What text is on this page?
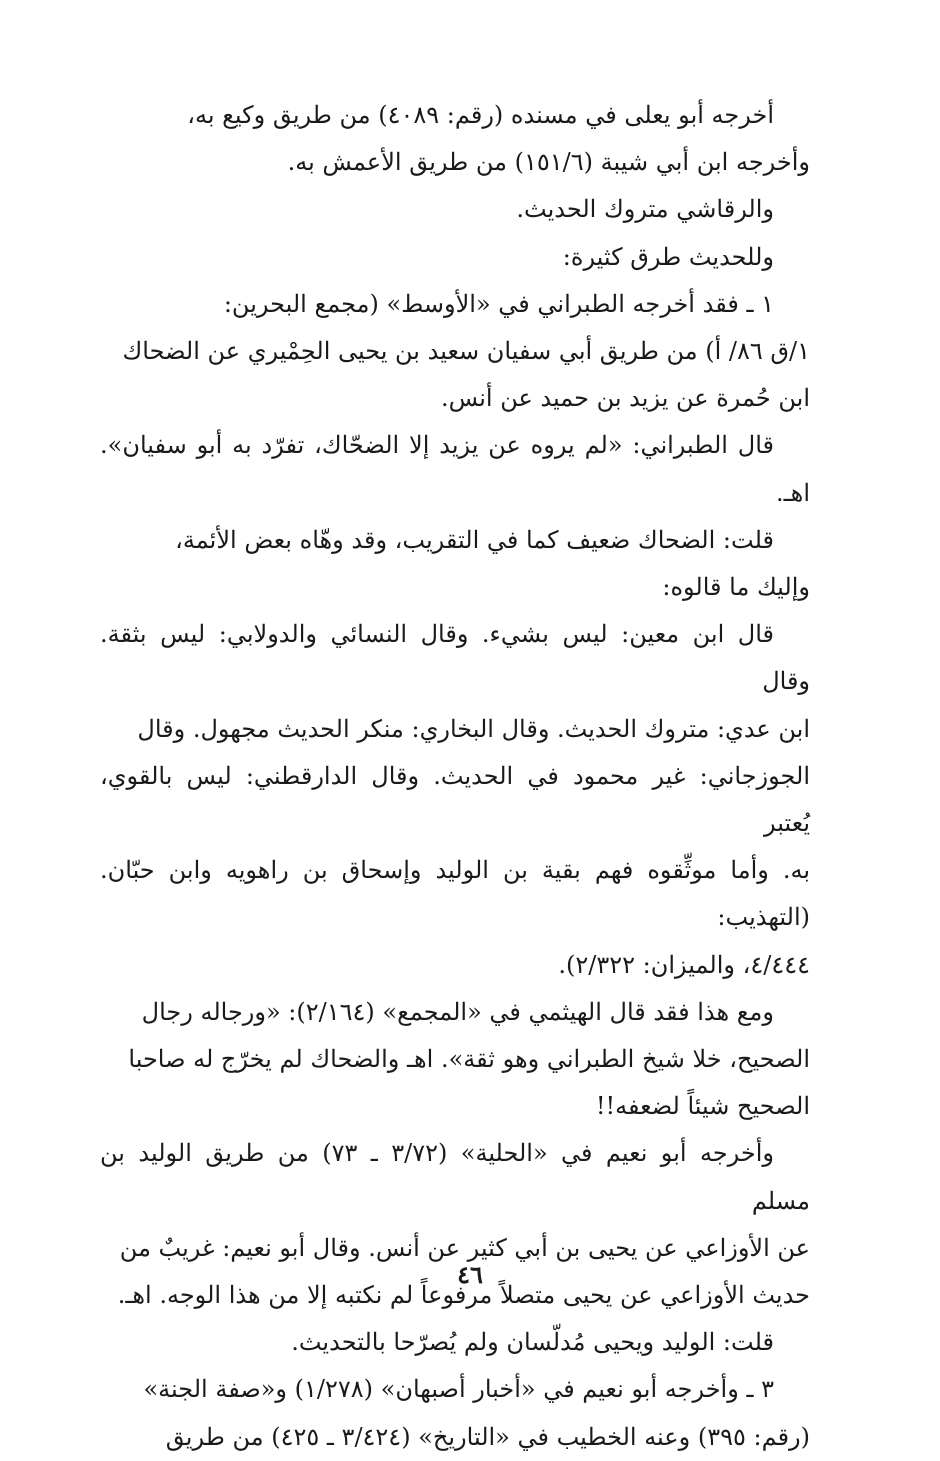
أخرجه أبو يعلى في مسنده (رقم: ٤٠٨٩) من طريق وكيع به،
وأخرجه ابن أبي شيبة (١٥١/٦) من طريق الأعمش به.

والرقاشي متروك الحديث.

وللحديث طرق كثيرة:

١ ـ فقد أخرجه الطبراني في «الأوسط» (مجمع البحرين:

١/ق ٨٦/ أ) من طريق أبي سفيان سعيد بن يحيى الحِمْيري عن الضحاك
ابن حُمرة عن يزيد بن حميد عن أنس.

قال الطبراني: «لم يروه عن يزيد إلا الضحّاك، تفرّد به أبو سفيان». اهـ.

قلت: الضحاك ضعيف كما في التقريب، وقد وهّاه بعض الأئمة،

وإليك ما قالوه:

قال ابن معين: ليس بشيء. وقال النسائي والدولابي: ليس بثقة. وقال

ابن عدي: متروك الحديث. وقال البخاري: منكر الحديث مجهول. وقال
الجوزجاني: غير محمود في الحديث. وقال الدارقطني: ليس بالقوي، يُعتبر
به. وأما موثِّقوه فهم بقية بن الوليد وإسحاق بن راهويه وابن حبّان. (التهذيب:
٤/٤٤٤، والميزان: ٢/٣٢٢).

ومع هذا فقد قال الهيثمي في «المجمع» (٢/١٦٤): «ورجاله رجال

الصحيح، خلا شيخ الطبراني وهو ثقة». اهـ والضحاك لم يخرّج له صاحبا
الصحيح شيئاً لضعفه!!

وأخرجه أبو نعيم في «الحلية» (٣/٧٢ ـ ٧٣) من طريق الوليد بن مسلم

عن الأوزاعي عن يحيى بن أبي كثير عن أنس. وقال أبو نعيم: غريبٌ من
حديث الأوزاعي عن يحيى متصلاً مرفوعاً لم نكتبه إلا من هذا الوجه. اهـ.

قلت: الوليد ويحيى مُدلّسان ولم يُصرّحا بالتحديث.

٣ ـ وأخرجه أبو نعيم في «أخبار أصبهان» (١/٢٧٨) و«صفة الجنة»

(رقم: ٣٩٥) وعنه الخطيب في «التاريخ» (٣/٤٢٤ ـ ٤٢٥) من طريق

٤٦
